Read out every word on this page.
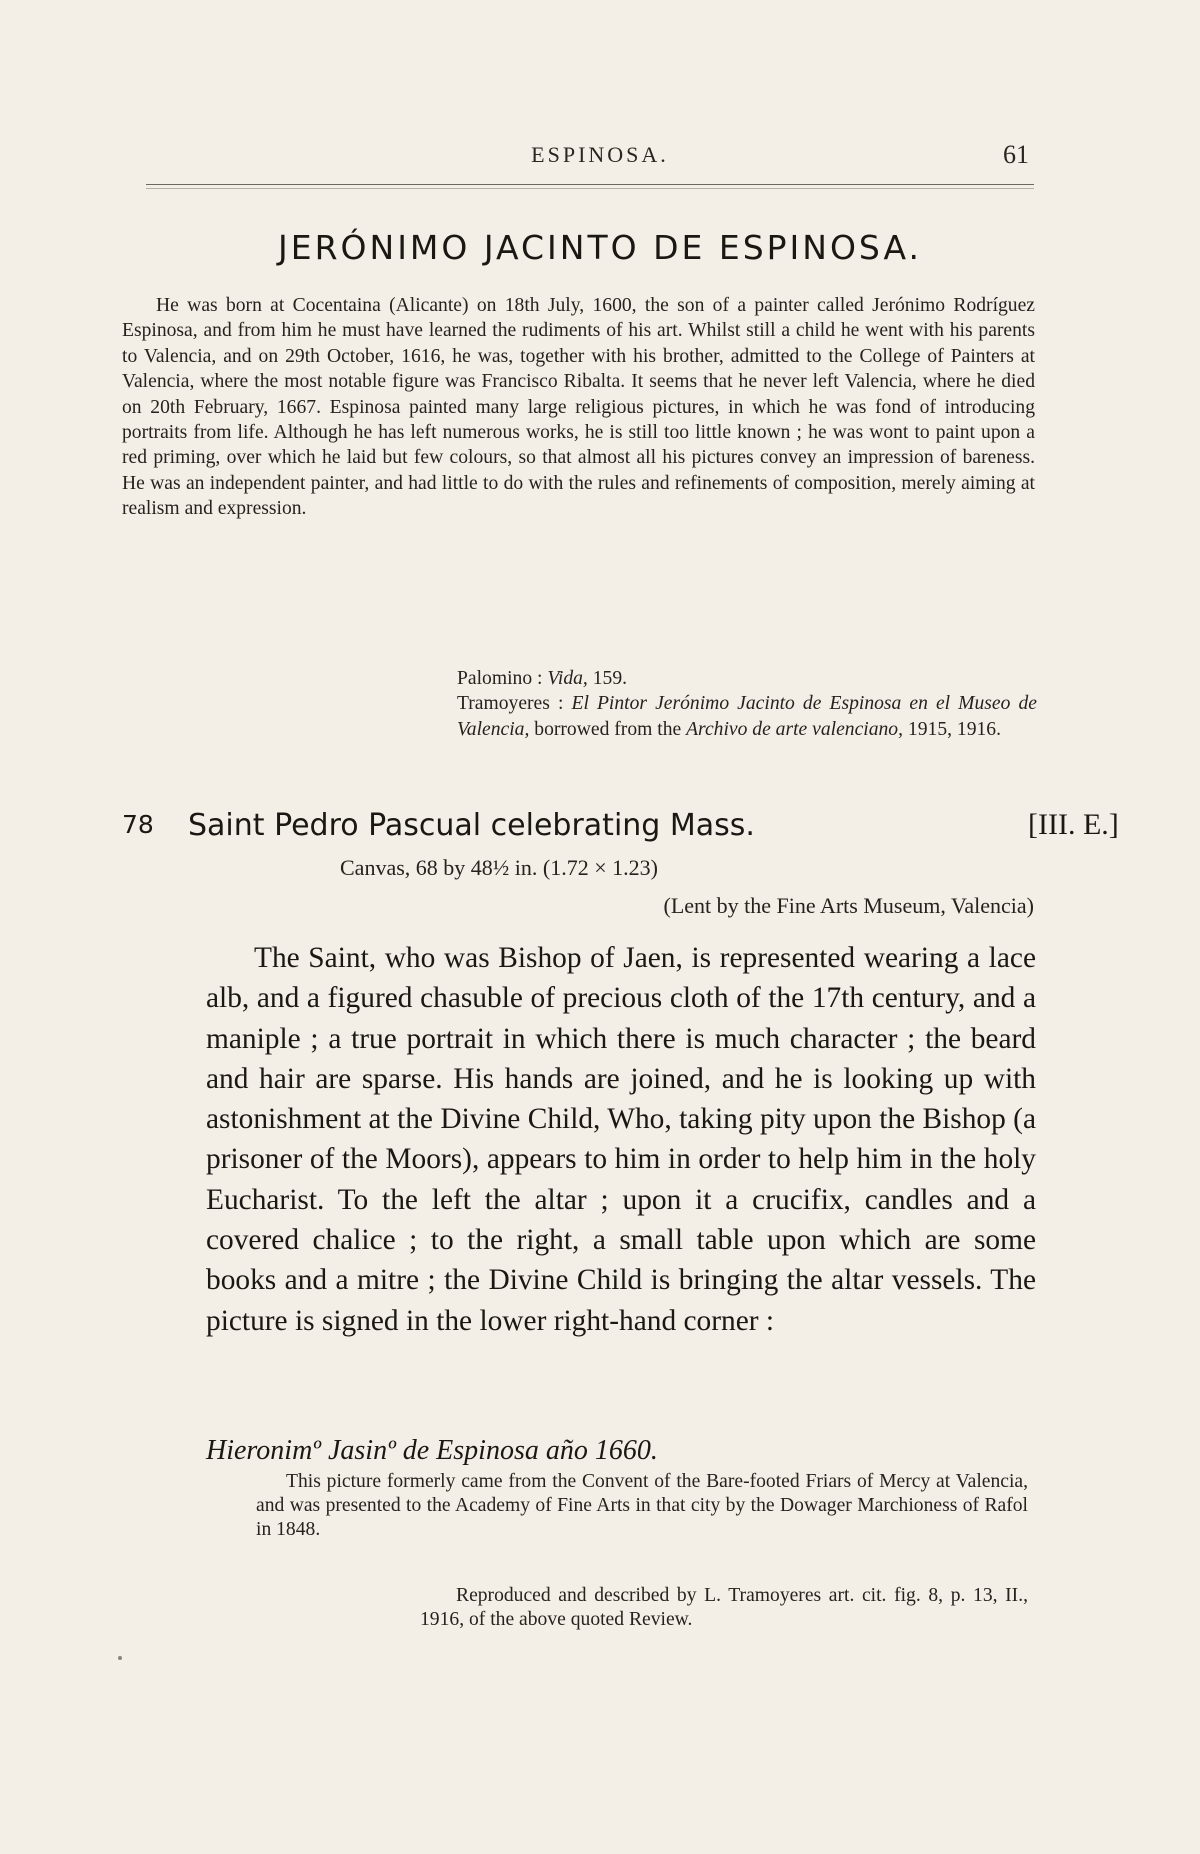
ESPINOSA.	61
JERÓNIMO JACINTO DE ESPINOSA.

He was born at Cocentaina (Alicante) on 18th July, 1600, the son of a painter called Jerónimo Rodríguez Espinosa, and from him he must have learned the rudiments of his art. Whilst still a child he went with his parents to Valencia, and on 29th October, 1616, he was, together with his brother, admitted to the College of Painters at Valencia, where the most notable figure was Francisco Ribalta. It seems that he never left Valencia, where he died on 20th February, 1667. Espinosa painted many large religious pictures, in which he was fond of introducing portraits from life. Although he has left numerous works, he is still too little known ; he was wont to paint upon a red priming, over which he laid but few colours, so that almost all his pictures convey an impression of bareness. He was an independent painter, and had little to do with the rules and refinements of composition, merely aiming at realism and expression.

Palomino : Vida, 159.
Tramoyeres : El Pintor Jerónimo Jacinto de Espinosa en el Museo de Valencia, borrowed from the Archivo de arte valenciano, 1915, 1916.
78 Saint Pedro Pascual celebrating Mass.	[III. E.]
Canvas, 68 by 48½ in. (1.72 × 1.23)
(Lent by the Fine Arts Museum, Valencia)

The Saint, who was Bishop of Jaen, is represented wearing a lace alb, and a figured chasuble of precious cloth of the 17th century, and a maniple ; a true portrait in which there is much character ; the beard and hair are sparse. His hands are joined, and he is looking up with astonishment at the Divine Child, Who, taking pity upon the Bishop (a prisoner of the Moors), appears to him in order to help him in the holy Eucharist. To the left the altar ; upon it a crucifix, candles and a covered chalice ; to the right, a small table upon which are some books and a mitre ; the Divine Child is bringing the altar vessels. The picture is signed in the lower right-hand corner :

Hieronimº Jasinº de Espinosa año 1660.

This picture formerly came from the Convent of the Bare-footed Friars of Mercy at Valencia, and was presented to the Academy of Fine Arts in that city by the Dowager Marchioness of Rafol in 1848.

Reproduced and described by L. Tramoyeres art. cit. fig. 8, p. 13, II., 1916, of the above quoted Review.
